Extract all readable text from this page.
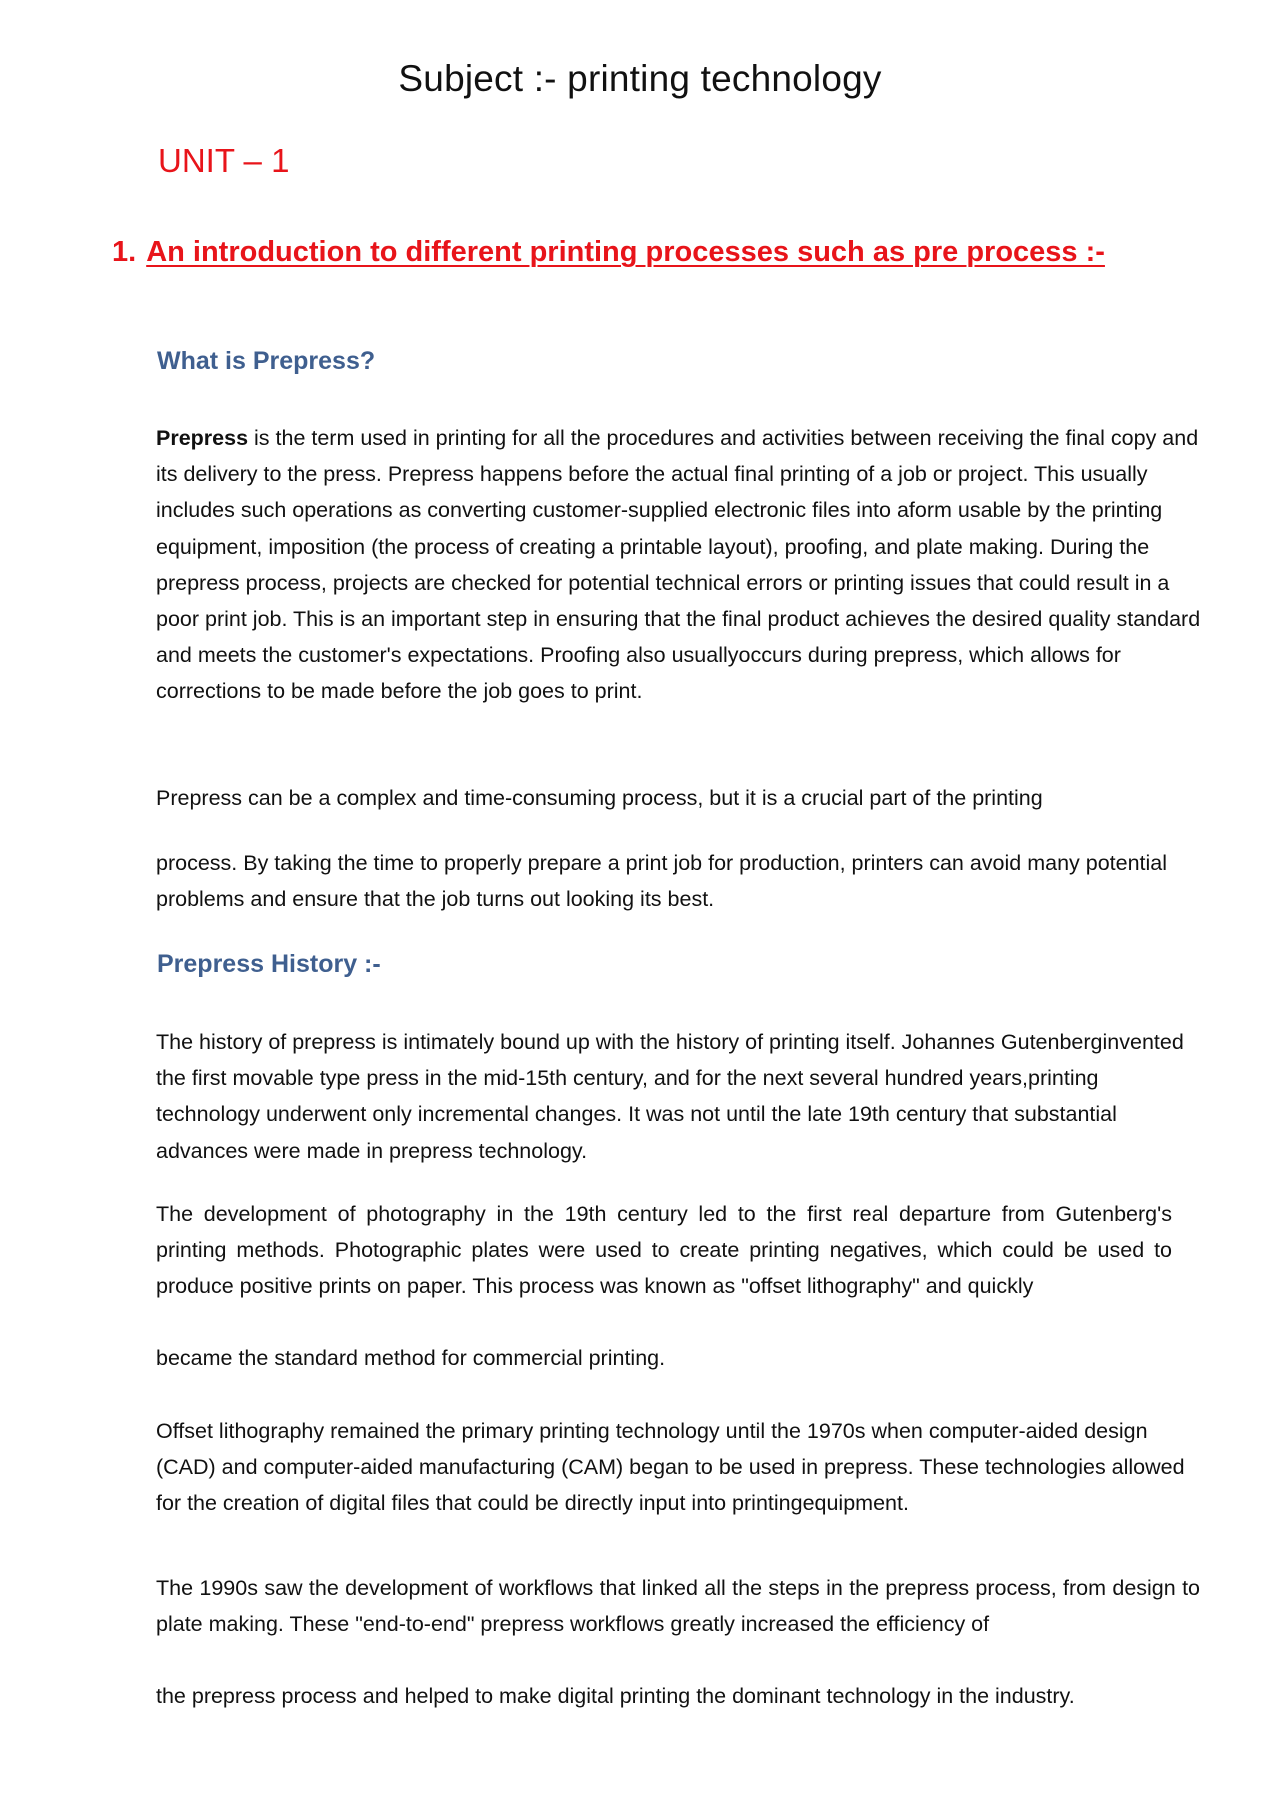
Subject :- printing technology
UNIT – 1
1. An introduction to different printing processes such as pre process :-
What is Prepress?

Prepress is the term used in printing for all the procedures and activities between receiving the final copy and its delivery to the press. Prepress happens before the actual final printing of a job or project. This usually includes such operations as converting customer-supplied electronic files into aform usable by the printing equipment, imposition (the process of creating a printable layout), proofing, and plate making. During the prepress process, projects are checked for potential technical errors or printing issues that could result in a poor print job. This is an important step in ensuring that the final product achieves the desired quality standard and meets the customer's expectations. Proofing also usuallyoccurs during prepress, which allows for corrections to be made before the job goes to print.

Prepress can be a complex and time-consuming process, but it is a crucial part of the printing

process. By taking the time to properly prepare a print job for production, printers can avoid many potential problems and ensure that the job turns out looking its best.

Prepress History :-

The history of prepress is intimately bound up with the history of printing itself. Johannes Gutenberginvented the first movable type press in the mid-15th century, and for the next several hundred years,printing technology underwent only incremental changes. It was not until the late 19th century that substantial advances were made in prepress technology.

The development of photography in the 19th century led to the first real departure from Gutenberg's printing methods. Photographic plates were used to create printing negatives, which could be used to produce positive prints on paper. This process was known as "offset lithography" and quickly

became the standard method for commercial printing.

Offset lithography remained the primary printing technology until the 1970s when computer-aided design (CAD) and computer-aided manufacturing (CAM) began to be used in prepress. These technologies allowed for the creation of digital files that could be directly input into printingequipment.

The 1990s saw the development of workflows that linked all the steps in the prepress process, from design to plate making. These "end-to-end" prepress workflows greatly increased the efficiency of

the prepress process and helped to make digital printing the dominant technology in the industry.
